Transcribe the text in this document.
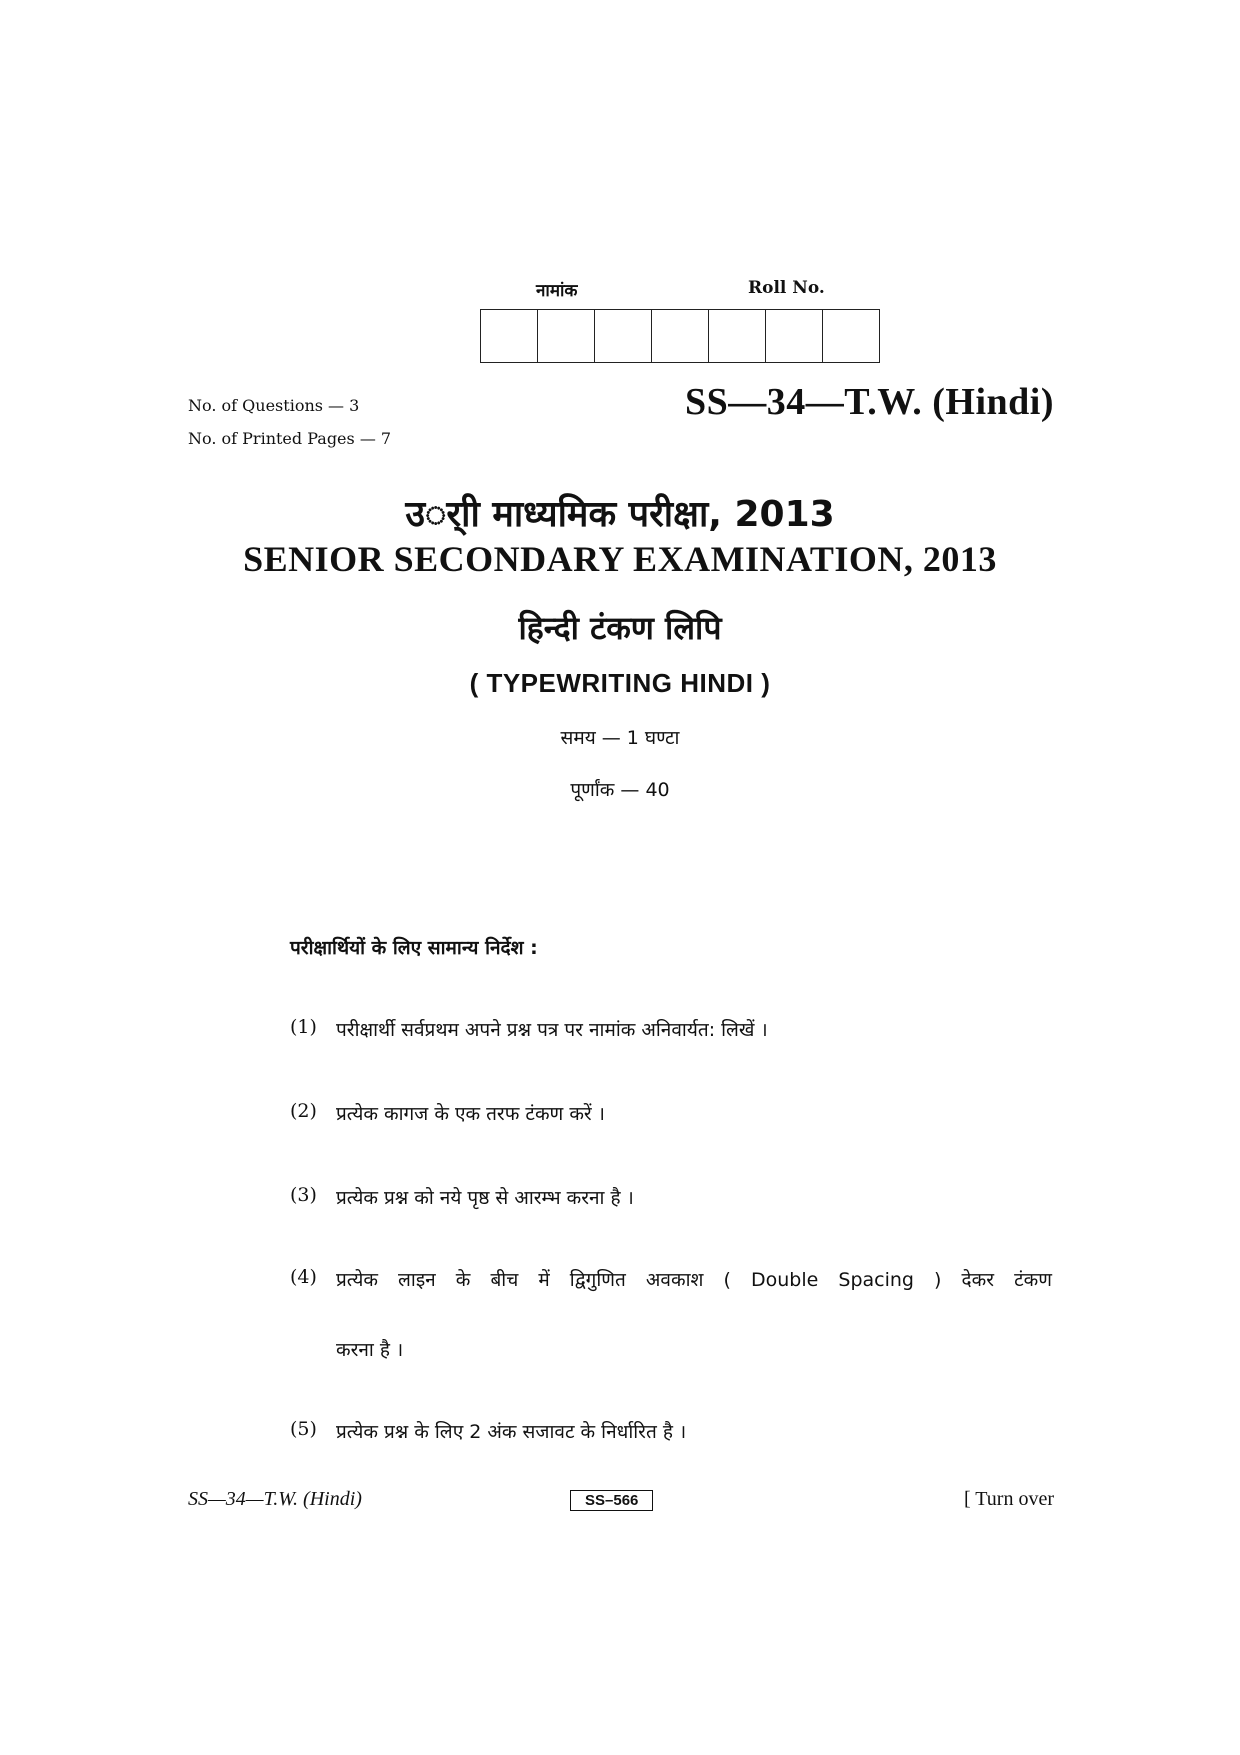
नामांक	Roll No.
No. of Questions — 3
No. of Printed Pages — 7
SS—34—T.W. (Hindi)
उर्ाी माध्यमिक परीक्षा, 2013
SENIOR SECONDARY EXAMINATION, 2013
हिन्दी टंकण लिपि
( TYPEWRITING HINDI )
समय — 1 घण्टा
पूर्णांक — 40
परीक्षार्थियों के लिए सामान्य निर्देश :
(1)	परीक्षार्थी सर्वप्रथम अपने प्रश्न पत्र पर नामांक अनिवार्यत: लिखें ।
(2)	प्रत्येक कागज के एक तरफ टंकण करें ।
(3)	प्रत्येक प्रश्न को नये पृष्ठ से आरम्भ करना है ।
(4)	प्रत्येक लाइन के बीच में द्विगुणित अवकाश ( Double Spacing ) देकर टंकण
करना है ।
(5)	प्रत्येक प्रश्न के लिए 2 अंक सजावट के निर्धारित है ।
SS—34—T.W. (Hindi)	SS–566	[ Turn over
